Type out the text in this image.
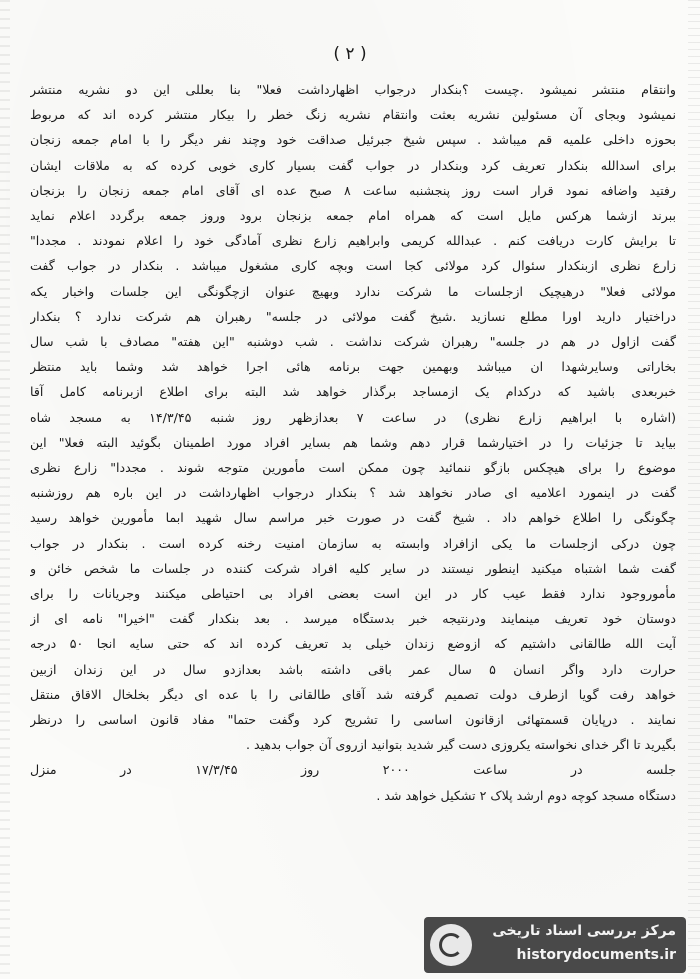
( ۲ )
وانتقام منتشر نمیشود .چیست ؟بنکدار درجواب اظهارداشت فعلا" بنا بعللی این دو نشریه منتشر
نمیشود وبجای آن مسئولین نشریه بعثت وانتقام نشریه زنگ خطر را بیکار منتشر کرده اند که مربوط
بحوزه داخلی علمیه قم میباشد . سپس شیخ جبرئیل صداقت خود وچند نفر دیگر را با امام جمعه زنجان
برای اسدالله بنکدار تعریف کرد وبنکدار در جواب گفت بسیار کاری خوبی کرده که به ملاقات ایشان
رفتید واضافه نمود قرار است روز پنجشنبه ساعت ۸ صبح عده ای آقای امام جمعه زنجان را بزنجان
ببرند ازشما هرکس مایل است که همراه امام جمعه بزنجان برود وروز جمعه برگردد اعلام نماید
تا برایش کارت دریافت کنم . عبدالله کریمی وابراهیم زارع نظری آمادگی خود را اعلام نمودند . مجددا"
زارع نظری ازبنکدار سئوال کرد مولائی کجا است وبچه کاری مشغول میباشد . بنکدار در جواب گفت
مولائی فعلا" درهیچیک ازجلسات ما شرکت ندارد وبهیچ عنوان ازچگونگی این جلسات واخبار یکه
دراختیار دارید اورا مطلع نسازید .شیخ گفت مولائی در جلسه" رهبران هم شرکت ندارد ؟ بنکدار
گفت ازاول در هم در جلسه" رهبران شرکت نداشت . شب دوشنبه "این هفته" مصادف با شب سال
بخاراتی وسایرشهدا ان میباشد وبهمین جهت برنامه هائی اجرا خواهد شد وشما باید منتظر
خبربعدی باشید که درکدام یک ازمساجد برگذار خواهد شد البته برای اطلاع ازبرنامه کامل آقا
(اشاره با ابراهیم زارع نظری) در ساعت ۷ بعدازظهر روز شنبه ۱۴/۳/۴۵ به مسجد شاه
بیاید تا جزئیات را در اختیارشما قرار دهم وشما هم بسایر افراد مورد اطمینان بگوئید البته فعلا" این
موضوع را برای هیچکس بازگو ننمائید چون ممکن است مأمورین متوجه شوند . مجددا" زارع نظری
گفت در اینمورد اعلامیه ای صادر نخواهد شد ؟ بنکدار درجواب اظهارداشت در این باره هم روزشنبه
چگونگی را اطلاع خواهم داد . شیخ گفت در صورت خبر مراسم سال شهید ابما مأمورین خواهد رسید
چون درکی ازجلسات ما یکی ازافراد وابسته به سازمان امنیت رخنه کرده است . بنکدار در جواب
گفت شما اشتباه میکنید اینطور نیستند در سایر کلیه افراد شرکت کننده در جلسات ما شخص خائن و
مأموروجود ندارد فقط عیب کار در این است بعضی افراد بی احتیاطی میکنند وجریانات را برای
دوستان خود تعریف مینمایند ودرنتیجه خبر بدستگاه میرسد . بعد بنکدار گفت "اخیرا" نامه ای از
آیت الله طالقانی داشتیم که ازوضع زندان خیلی بد تعریف کرده اند که حتی سایه انجا ۵۰ درجه
حرارت دارد واگر انسان ۵ سال عمر باقی داشته باشد بعدازدو سال در این زندان ازبین
خواهد رفت گویا ازطرف دولت تصمیم گرفته شد آقای طالقانی را با عده ای دیگر بخلخال الاقاق منتقل
نمایند . درپایان قسمتهائی ازقانون اساسی را تشریح کرد وگفت حتما" مفاد قانون اساسی را درنظر
بگیرید تا اگر خدای نخواسته یکروزی دست گیر شدید بتوانید ازروی آن جواب بدهید .
جلسه در ساعت ۲۰۰۰ روز ۱۷/۳/۴۵ در منزل
دستگاه مسجد کوچه دوم ارشد پلاک ۲ تشکیل خواهد شد .
مرکز بررسی اسناد تاریخی
historydocuments.ir
